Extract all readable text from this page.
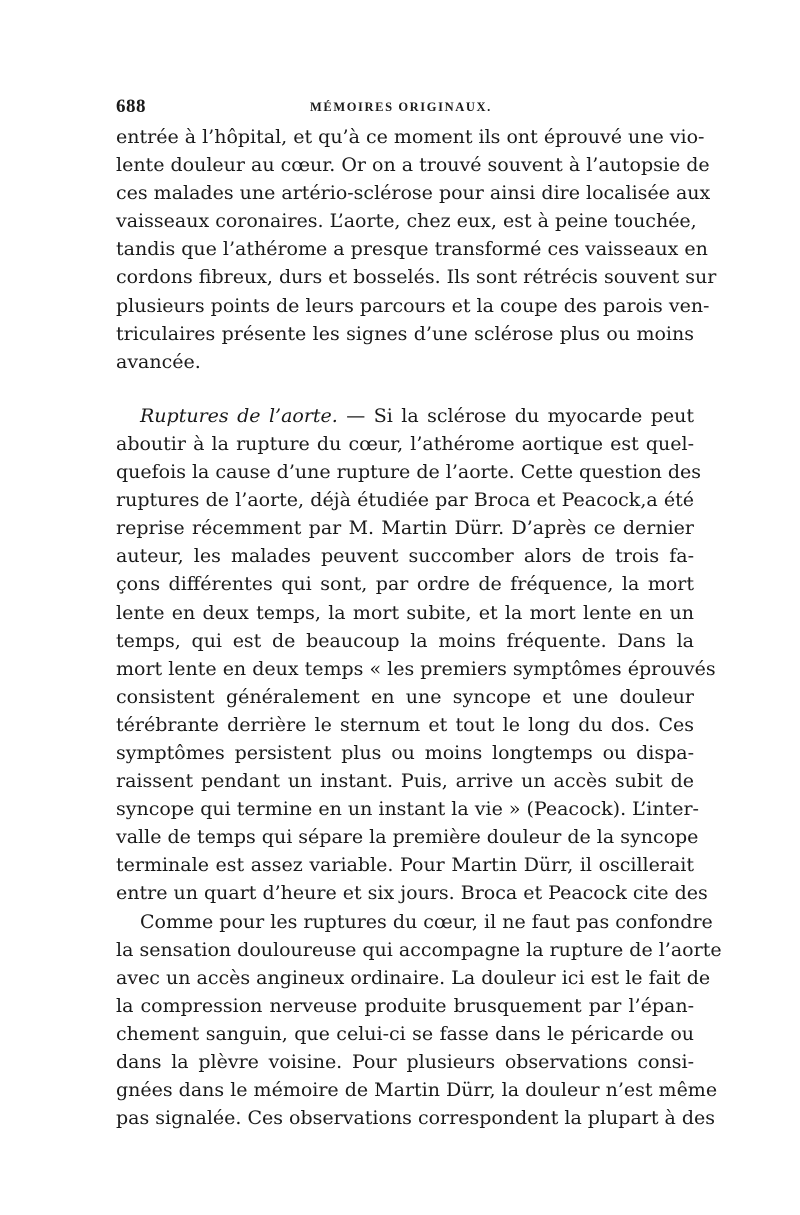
688	MÉMOIRES ORIGINAUX.
entrée à l’hôpital, et qu’à ce moment ils ont éprouvé une vio-
lente douleur au cœur. Or on a trouvé souvent à l’autopsie de
ces malades une artério-sclérose pour ainsi dire localisée aux
vaisseaux coronaires. L’aorte, chez eux, est à peine touchée,
tandis que l’athérome a presque transformé ces vaisseaux en
cordons fibreux, durs et bosselés. Ils sont rétrécis souvent sur
plusieurs points de leurs parcours et la coupe des parois ven-
triculaires présente les signes d’une sclérose plus ou moins
avancée.
Ruptures de l’aorte. — Si la sclérose du myocarde peut
aboutir à la rupture du cœur, l’athérome aortique est quel-
quefois la cause d’une rupture de l’aorte. Cette question des
ruptures de l’aorte, déjà étudiée par Broca et Peacock,a été
reprise récemment par M. Martin Dürr. D’après ce dernier
auteur, les malades peuvent succomber alors de trois fa-
çons différentes qui sont, par ordre de fréquence, la mort
lente en deux temps, la mort subite, et la mort lente en un
temps, qui est de beaucoup la moins fréquente. Dans la
mort lente en deux temps « les premiers symptômes éprouvés
consistent généralement en une syncope et une douleur
térébrante derrière le sternum et tout le long du dos. Ces
symptômes persistent plus ou moins longtemps ou dispa-
raissent pendant un instant. Puis, arrive un accès subit de
syncope qui termine en un instant la vie » (Peacock). L’inter-
valle de temps qui sépare la première douleur de la syncope
terminale est assez variable. Pour Martin Dürr, il oscillerait
entre un quart d’heure et six jours. Broca et Peacock cite des
Comme pour les ruptures du cœur, il ne faut pas confondre
la sensation douloureuse qui accompagne la rupture de l’aorte
avec un accès angineux ordinaire. La douleur ici est le fait de
la compression nerveuse produite brusquement par l’épan-
chement sanguin, que celui-ci se fasse dans le péricarde ou
dans la plèvre voisine. Pour plusieurs observations consi-
gnées dans le mémoire de Martin Dürr, la douleur n’est même
pas signalée. Ces observations correspondent la plupart à des
